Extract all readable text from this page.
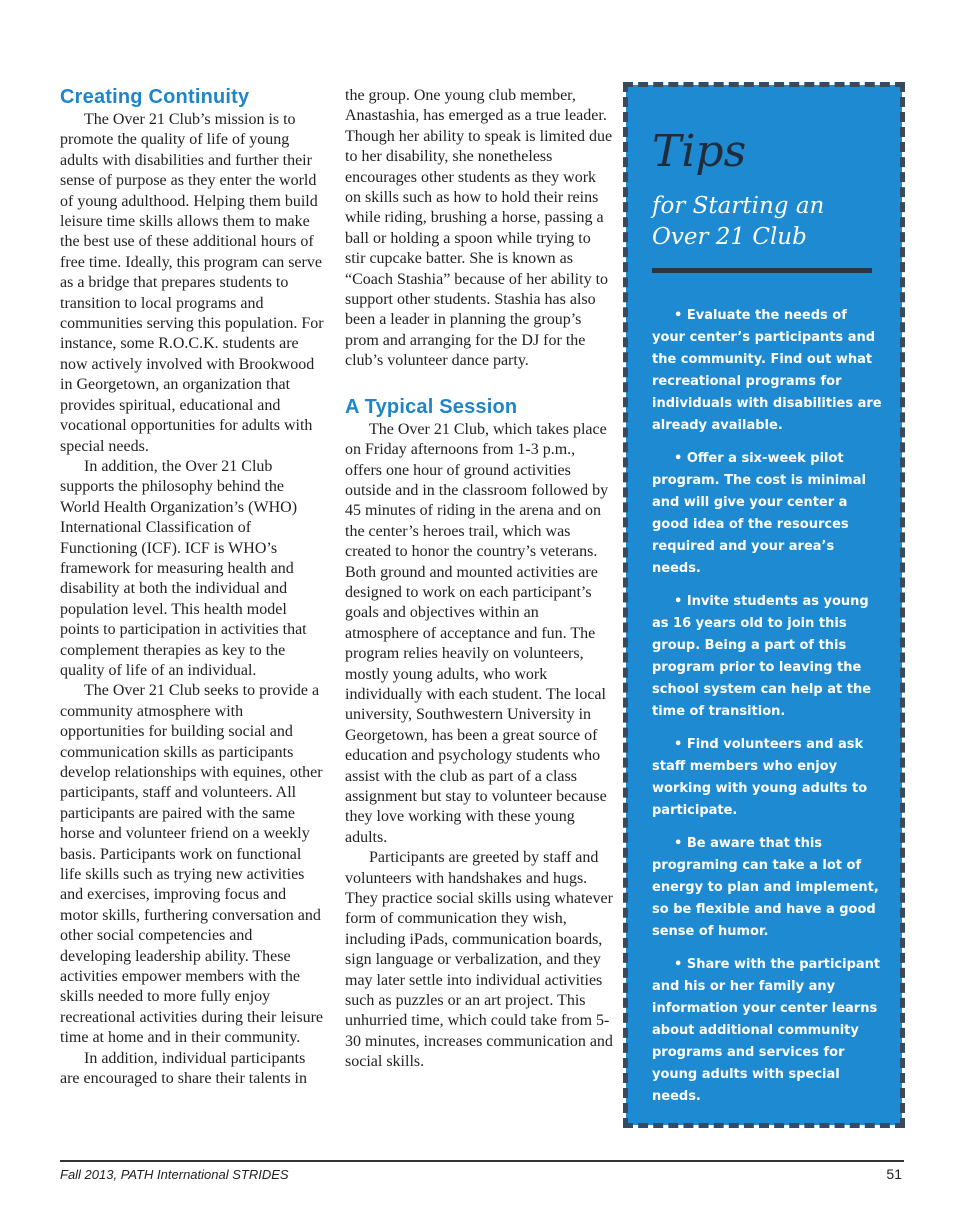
Creating Continuity

The Over 21 Club’s mission is to promote the quality of life of young adults with disabilities and further their sense of purpose as they enter the world of young adulthood. Helping them build leisure time skills allows them to make the best use of these additional hours of free time. Ideally, this program can serve as a bridge that prepares students to transition to local programs and communities serving this population. For instance, some R.O.C.K. students are now actively involved with Brookwood in Georgetown, an organization that provides spiritual, educational and vocational opportunities for adults with special needs.

In addition, the Over 21 Club supports the philosophy behind the World Health Organization’s (WHO) International Classification of Functioning (ICF). ICF is WHO’s framework for measuring health and disability at both the individual and population level. This health model points to participation in activities that complement therapies as key to the quality of life of an individual.

The Over 21 Club seeks to provide a community atmosphere with opportunities for building social and communication skills as participants develop relationships with equines, other participants, staff and volunteers. All participants are paired with the same horse and volunteer friend on a weekly basis. Participants work on functional life skills such as trying new activities and exercises, improving focus and motor skills, furthering conversation and other social competencies and developing leadership ability. These activities empower members with the skills needed to more fully enjoy recreational activities during their leisure time at home and in their community.

In addition, individual participants are encouraged to share their talents in

the group. One young club member, Anastashia, has emerged as a true leader. Though her ability to speak is limited due to her disability, she nonetheless encourages other students as they work on skills such as how to hold their reins while riding, brushing a horse, passing a ball or holding a spoon while trying to stir cupcake batter. She is known as “Coach Stashia” because of her ability to support other students. Stashia has also been a leader in planning the group’s prom and arranging for the DJ for the club’s volunteer dance party.

A Typical Session

The Over 21 Club, which takes place on Friday afternoons from 1-3 p.m., offers one hour of ground activities outside and in the classroom followed by 45 minutes of riding in the arena and on the center’s heroes trail, which was created to honor the country’s veterans. Both ground and mounted activities are designed to work on each participant’s goals and objectives within an atmosphere of acceptance and fun. The program relies heavily on volunteers, mostly young adults, who work individually with each student. The local university, Southwestern University in Georgetown, has been a great source of education and psychology students who assist with the club as part of a class assignment but stay to volunteer because they love working with these young adults.

Participants are greeted by staff and volunteers with handshakes and hugs. They practice social skills using whatever form of communication they wish, including iPads, communication boards, sign language or verbalization, and they may later settle into individual activities such as puzzles or an art project. This unhurried time, which could take from 5-30 minutes, increases communication and social skills.

Tips
for Starting an Over 21 Club

• Evaluate the needs of your center’s participants and the community. Find out what recreational programs for individuals with disabilities are already available.

• Offer a six-week pilot program. The cost is minimal and will give your center a good idea of the resources required and your area’s needs.

• Invite students as young as 16 years old to join this group. Being a part of this program prior to leaving the school system can help at the time of transition.

• Find volunteers and ask staff members who enjoy working with young adults to participate.

• Be aware that this programing can take a lot of energy to plan and implement, so be flexible and have a good sense of humor.

• Share with the participant and his or her family any information your center learns about additional community programs and services for young adults with special needs.

Fall 2013, PATH International STRIDES	51
